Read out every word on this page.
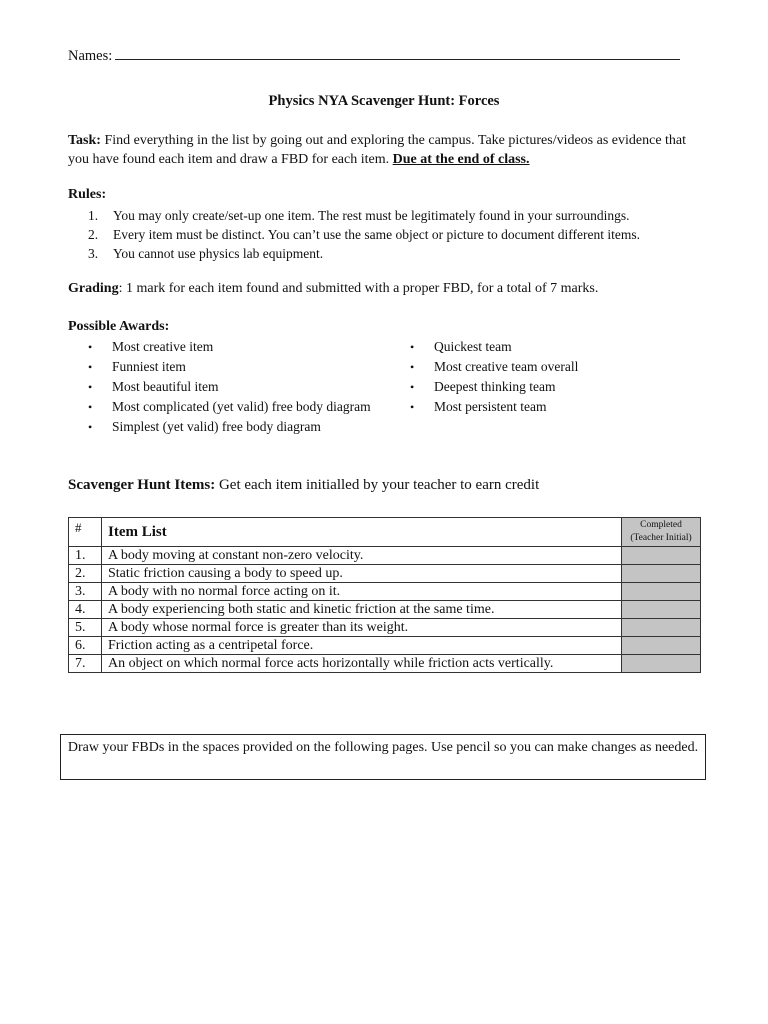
Names:
Physics NYA Scavenger Hunt: Forces
Task: Find everything in the list by going out and exploring the campus. Take pictures/videos as evidence that you have found each item and draw a FBD for each item. Due at the end of class.
Rules:
1. You may only create/set-up one item. The rest must be legitimately found in your surroundings.
2. Every item must be distinct. You can’t use the same object or picture to document different items.
3. You cannot use physics lab equipment.
Grading: 1 mark for each item found and submitted with a proper FBD, for a total of 7 marks.
Possible Awards:
• Most creative item
• Funniest item
• Most beautiful item
• Most complicated (yet valid) free body diagram
• Simplest (yet valid) free body diagram
• Quickest team
• Most creative team overall
• Deepest thinking team
• Most persistent team
Scavenger Hunt Items: Get each item initialled by your teacher to earn credit
#	Item List	Completed
(Teacher Initial)
1.	A body moving at constant non-zero velocity.	
2.	Static friction causing a body to speed up.	
3.	A body with no normal force acting on it.	
4.	A body experiencing both static and kinetic friction at the same time.	
5.	A body whose normal force is greater than its weight.	
6.	Friction acting as a centripetal force.	
7.	An object on which normal force acts horizontally while friction acts vertically.	
Draw your FBDs in the spaces provided on the following pages. Use pencil so you can make changes as needed.
